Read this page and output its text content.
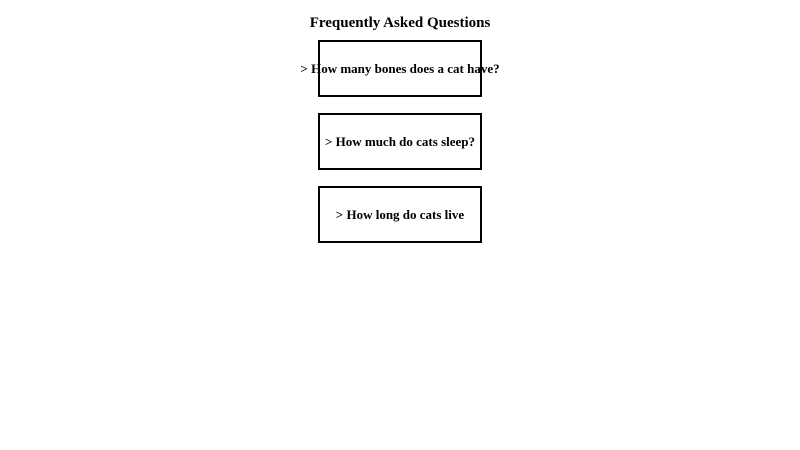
Frequently Asked Questions
> How many bones does a cat have?
> How much do cats sleep?
> How long do cats live
